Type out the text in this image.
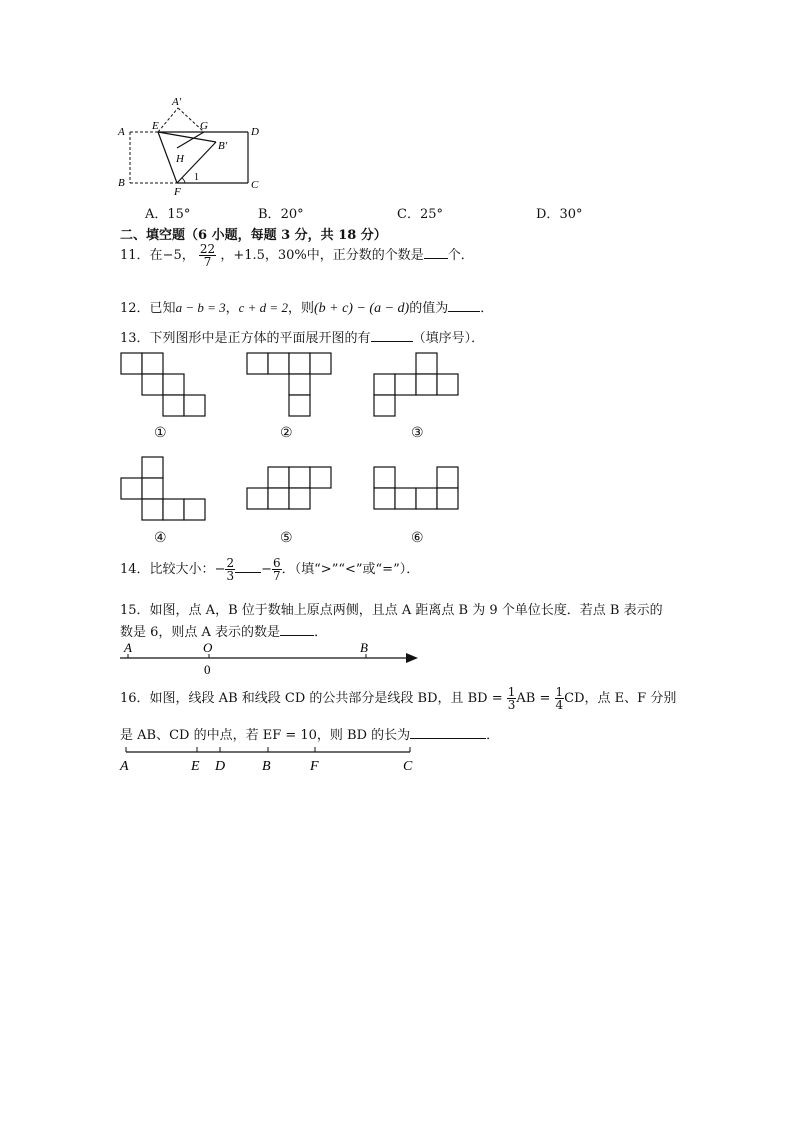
A′
A E	G	D
B′
H
B
F
1
C
A．15°	B．20°	C．25°	D．30°
二、填空题（6 小题，每题 3 分，共 18 分）
11．在−5， $\frac{22}{7}$ ，+1.5，30%中，正分数的个数是 个．
12．已知a − b = 3，c + d = 2，则(b + c) − (a − d)的值为 ．
13．下列图形中是正方体的平面展开图的有	（填序号）．
①	②	③
④	⑤	⑥
14．比较大小：− $\frac{2}{3} - \frac{6}{7}$ ．（填“>”“<”或“=”）．
15．如图，点 A，B 位于数轴上原点两侧，且点 A 距离点 B 为 9 个单位长度．若点 B 表示的
数是 6，则点 A 表示的数是	．
A	O	B
0
16．如图，线段 AB 和线段 CD 的公共部分是线段 BD，且 BD = $\frac{1}{3}$ AB = $\frac{1}{4}$ CD，点 E、F 分别
是 AB、CD 的中点，若 EF = 10，则 BD 的长为	．
A	E D	B	F	C
